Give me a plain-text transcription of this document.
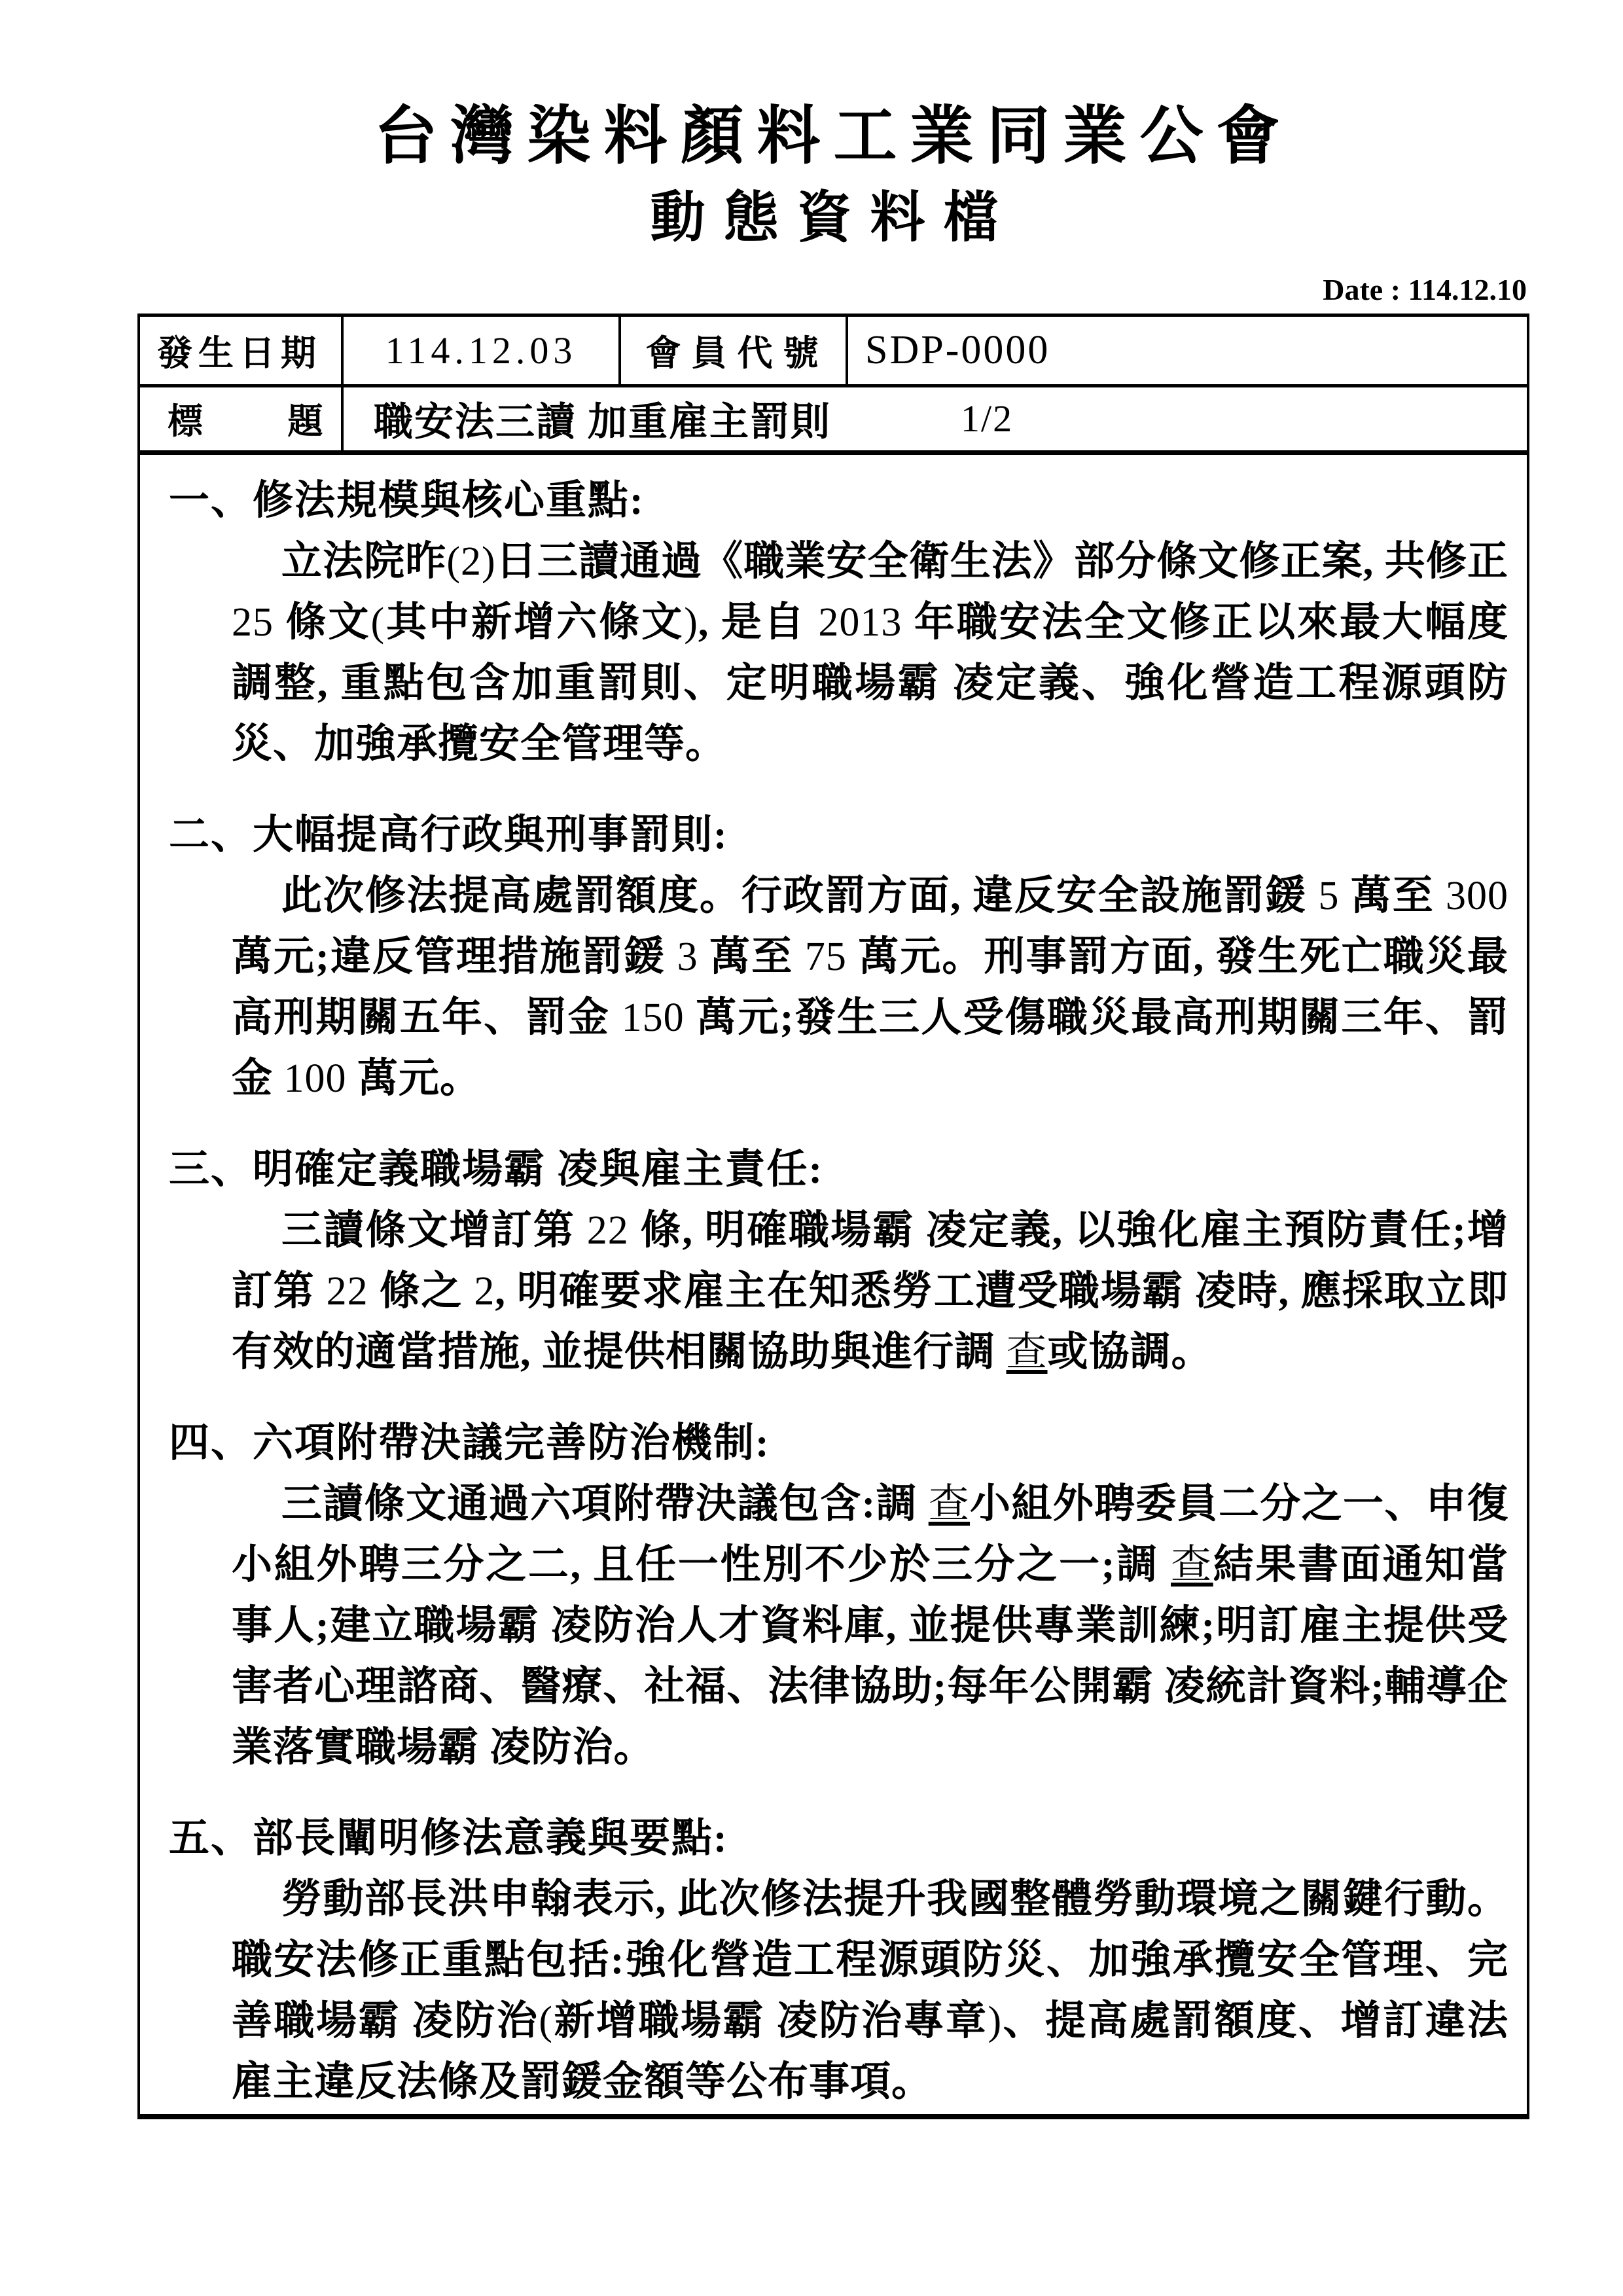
台灣染料顏料工業同業公會
動態資料檔
Date : 114.12.10
發生日期	114.12.03	會員代號 SDP-0000
標 題	職安法三讀 加重雇主罰則	1/2
一、修法規模與核心重點:

立法院昨(2)日三讀通過《職業安全衛生法》部分條文修正案, 共修正 25 條文(其中新增六條文), 是自 2013 年職安法全文修正以來最大幅度調整, 重點包含加重罰則、定明職場霸 凌定義、強化營造工程源頭防災、加強承攬安全管理等。

二、大幅提高行政與刑事罰則:

此次修法提高處罰額度。行政罰方面, 違反安全設施罰鍰 5 萬至 300 萬元;違反管理措施罰鍰 3 萬至 75 萬元。刑事罰方面, 發生死亡職災最高刑期關五年、罰金 150 萬元;發生三人受傷職災最高刑期關三年、罰金 100 萬元。

三、明確定義職場霸 凌與雇主責任:

三讀條文增訂第 22 條, 明確職場霸 凌定義, 以強化雇主預防責任;增訂第 22 條之 2, 明確要求雇主在知悉勞工遭受職場霸 凌時, 應採取立即有效的適當措施, 並提供相關協助與進行調 查或協調。

四、六項附帶決議完善防治機制:

三讀條文通過六項附帶決議包含:調 查小組外聘委員二分之一、申復小組外聘三分之二, 且任一性別不少於三分之一;調 查結果書面通知當事人;建立職場霸 凌防治人才資料庫, 並提供專業訓練;明訂雇主提供受害者心理諮商、醫療、社福、法律協助;每年公開霸 凌統計資料;輔導企業落實職場霸 凌防治。

五、部長闡明修法意義與要點:

勞動部長洪申翰表示, 此次修法提升我國整體勞動環境之關鍵行動。職安法修正重點包括:強化營造工程源頭防災、加強承攬安全管理、完善職場霸 凌防治(新增職場霸 凌防治專章)、提高處罰額度、增訂違法雇主違反法條及罰鍰金額等公布事項。
